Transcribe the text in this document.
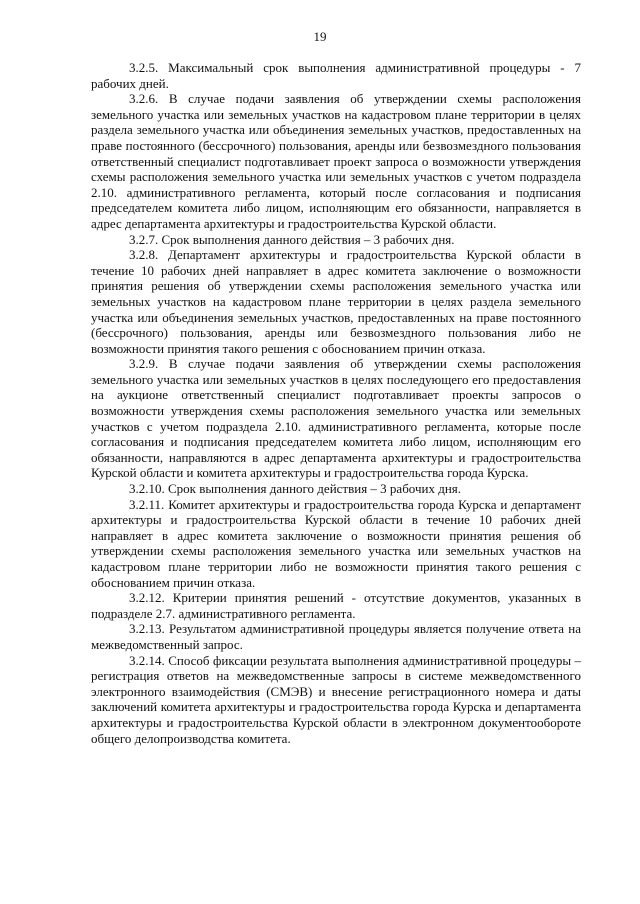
19

3.2.5. Максимальный срок выполнения административной процедуры - 7 рабочих дней.

3.2.6. В случае подачи заявления об утверждении схемы расположения земельного участка или земельных участков на кадастровом плане территории в целях раздела земельного участка или объединения земельных участков, предоставленных на праве постоянного (бессрочного) пользования, аренды или безвозмездного пользования ответственный специалист подготавливает проект запроса о возможности утверждения схемы расположения земельного участка или земельных участков с учетом подраздела 2.10. административного регламента, который после согласования и подписания председателем комитета либо лицом, исполняющим его обязанности, направляется в адрес департамента архитектуры и градостроительства Курской области.

3.2.7. Срок выполнения данного действия – 3 рабочих дня.

3.2.8. Департамент архитектуры и градостроительства Курской области в течение 10 рабочих дней направляет в адрес комитета заключение о возможности принятия решения об утверждении схемы расположения земельного участка или земельных участков на кадастровом плане территории в целях раздела земельного участка или объединения земельных участков, предоставленных на праве постоянного (бессрочного) пользования, аренды или безвозмездного пользования либо не возможности принятия такого решения с обоснованием причин отказа.

3.2.9. В случае подачи заявления об утверждении схемы расположения земельного участка или земельных участков в целях последующего его предоставления на аукционе ответственный специалист подготавливает проекты запросов о возможности утверждения схемы расположения земельного участка или земельных участков с учетом подраздела 2.10. административного регламента, которые после согласования и подписания председателем комитета либо лицом, исполняющим его обязанности, направляются в адрес департамента архитектуры и градостроительства Курской области и комитета архитектуры и градостроительства города Курска.

3.2.10. Срок выполнения данного действия – 3 рабочих дня.

3.2.11. Комитет архитектуры и градостроительства города Курска и департамент архитектуры и градостроительства Курской области в течение 10 рабочих дней направляет в адрес комитета заключение о возможности принятия решения об утверждении схемы расположения земельного участка или земельных участков на кадастровом плане территории либо не возможности принятия такого решения с обоснованием причин отказа.

3.2.12. Критерии принятия решений - отсутствие документов, указанных в подразделе 2.7. административного регламента.

3.2.13. Результатом административной процедуры является получение ответа на межведомственный запрос.

3.2.14. Способ фиксации результата выполнения административной процедуры – регистрация ответов на межведомственные запросы в системе межведомственного электронного взаимодействия (СМЭВ) и внесение регистрационного номера и даты заключений комитета архитектуры и градостроительства города Курска и департамента архитектуры и градостроительства Курской области в электронном документообороте общего делопроизводства комитета.
